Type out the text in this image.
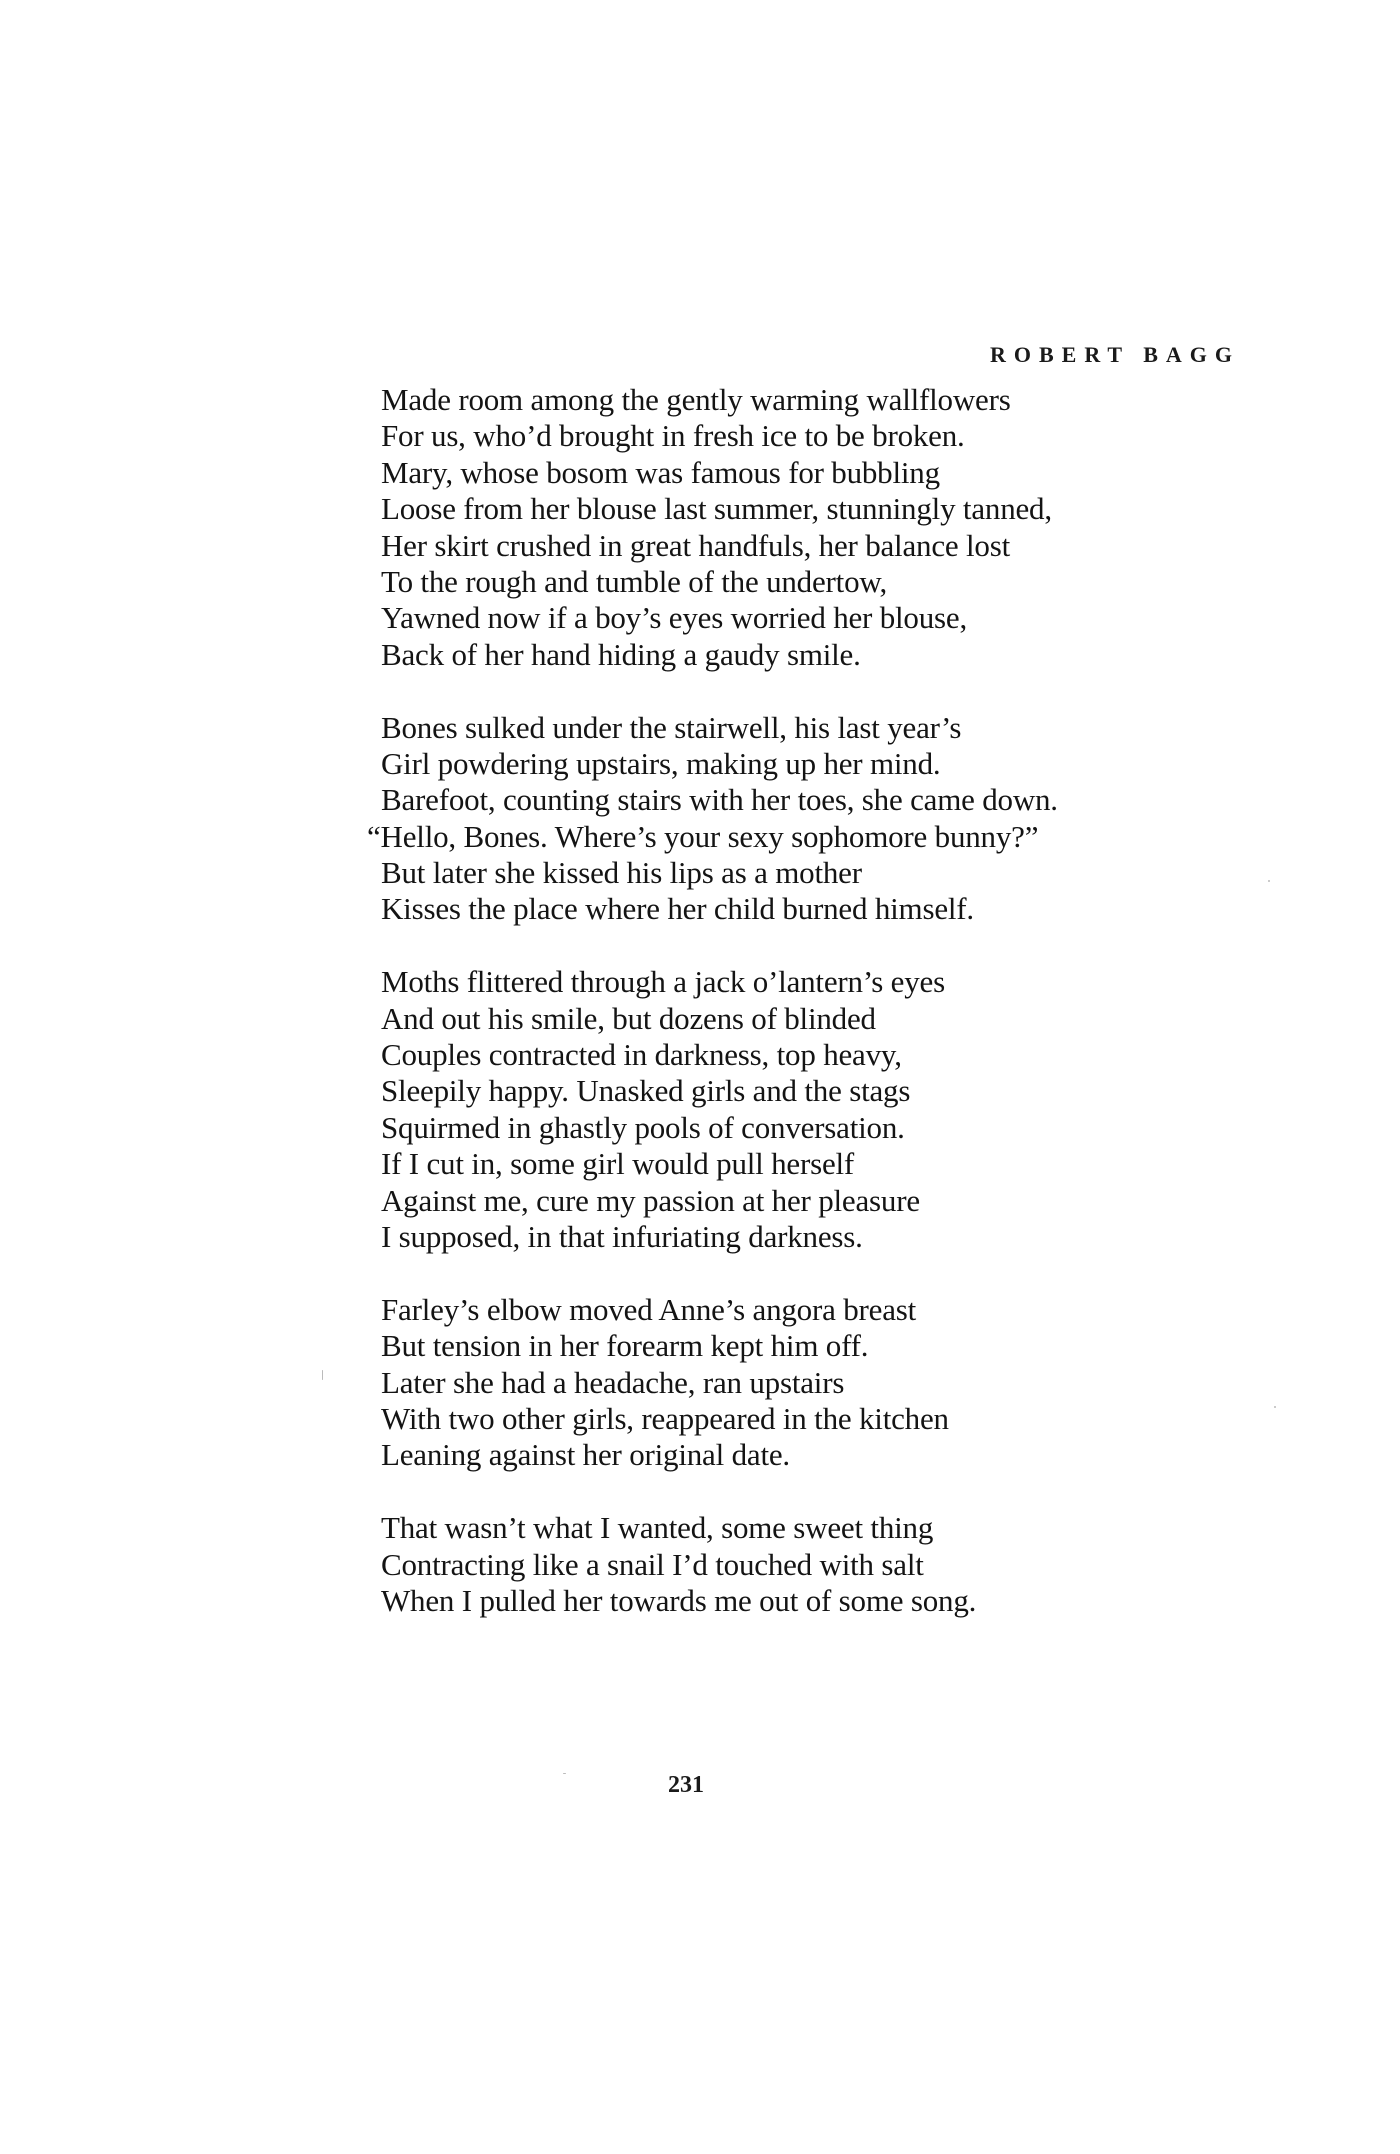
ROBERT BAGG
Made room among the gently warming wallflowers
For us, who’d brought in fresh ice to be broken.
Mary, whose bosom was famous for bubbling
Loose from her blouse last summer, stunningly tanned,
Her skirt crushed in great handfuls, her balance lost
To the rough and tumble of the undertow,
Yawned now if a boy’s eyes worried her blouse,
Back of her hand hiding a gaudy smile.
Bones sulked under the stairwell, his last year’s
Girl powdering upstairs, making up her mind.
Barefoot, counting stairs with her toes, she came down.
“Hello, Bones. Where’s your sexy sophomore bunny?”
But later she kissed his lips as a mother
Kisses the place where her child burned himself.
Moths flittered through a jack o’lantern’s eyes
And out his smile, but dozens of blinded
Couples contracted in darkness, top heavy,
Sleepily happy. Unasked girls and the stags
Squirmed in ghastly pools of conversation.
If I cut in, some girl would pull herself
Against me, cure my passion at her pleasure
I supposed, in that infuriating darkness.
Farley’s elbow moved Anne’s angora breast
But tension in her forearm kept him off.
Later she had a headache, ran upstairs
With two other girls, reappeared in the kitchen
Leaning against her original date.
That wasn’t what I wanted, some sweet thing
Contracting like a snail I’d touched with salt
When I pulled her towards me out of some song.
231
